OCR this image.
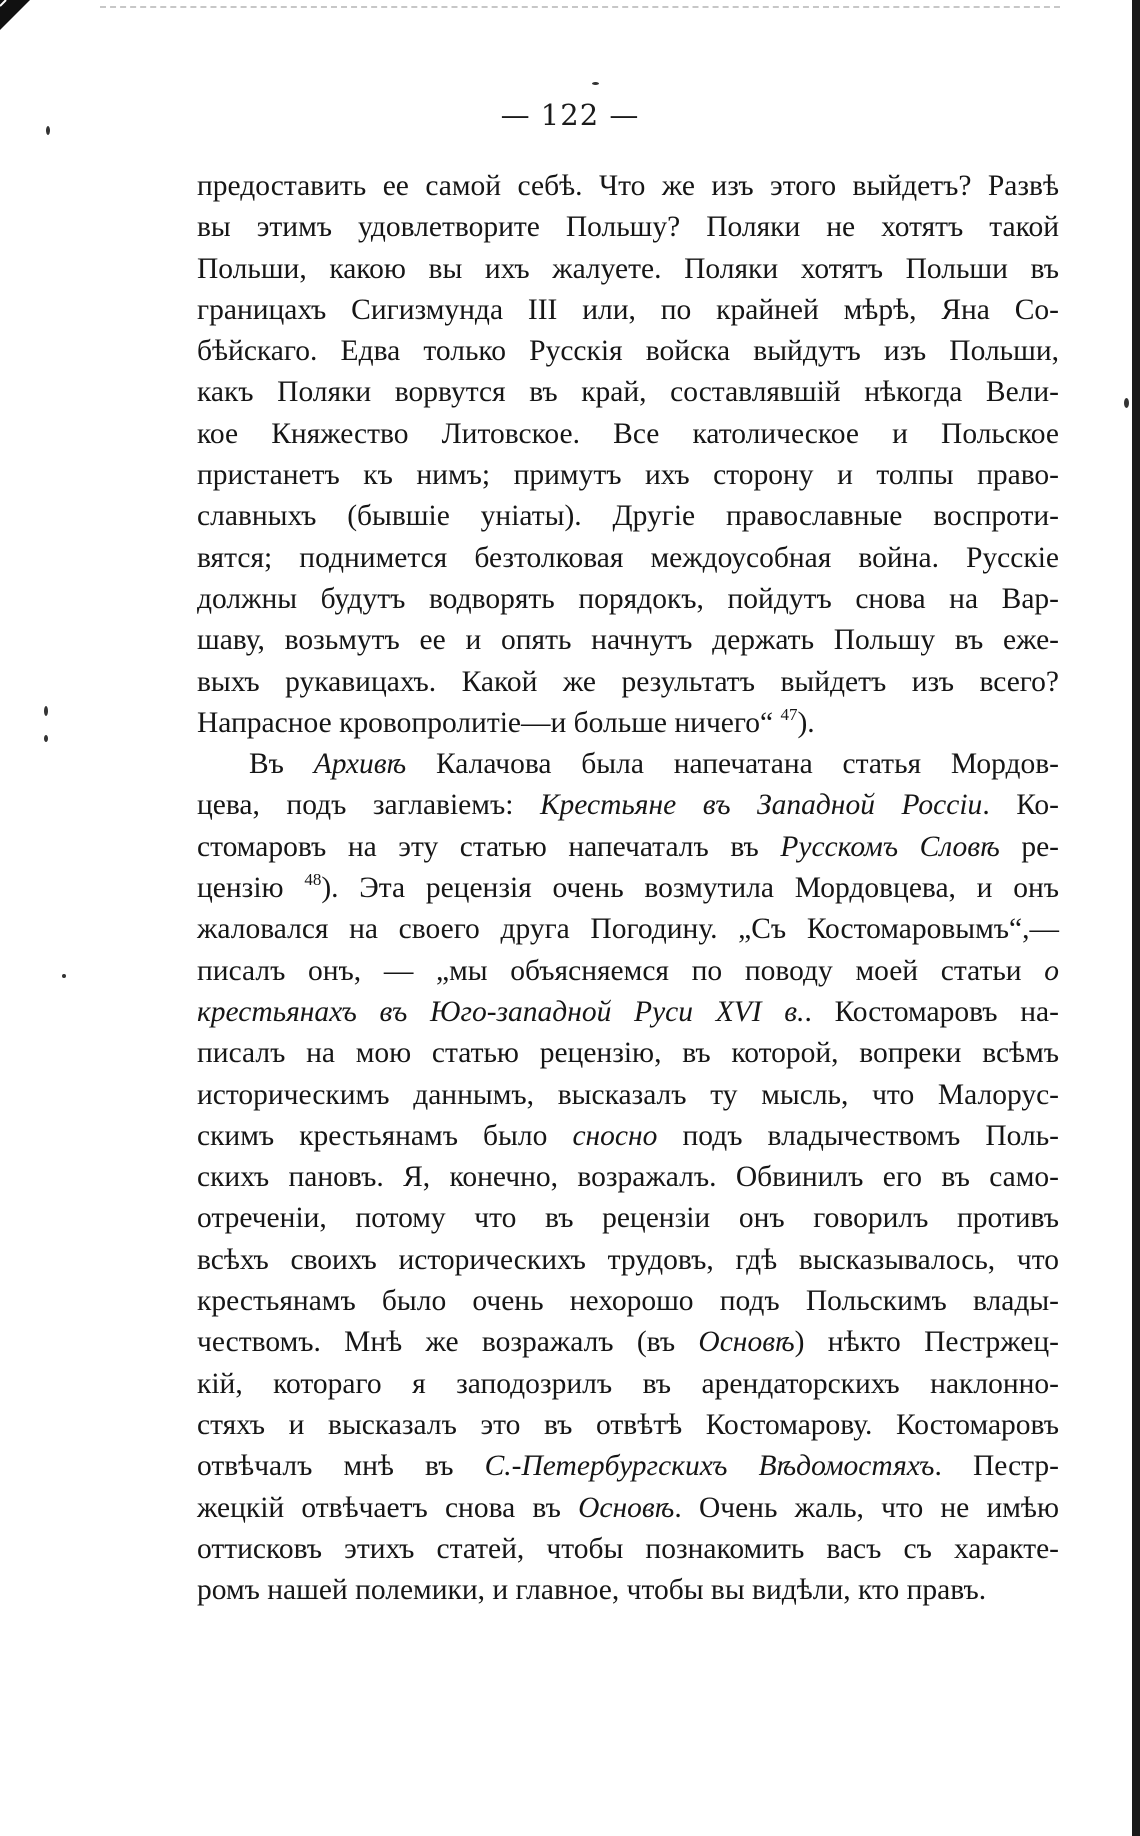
— 122 —

предоставить ее самой себѣ. Что же изъ этого выйдетъ? Развѣ
вы этимъ удовлетворите Польшу? Поляки не хотятъ такой
Польши, какою вы ихъ жалуете. Поляки хотятъ Польши въ
границахъ Сигизмунда III или, по крайней мѣрѣ, Яна Со-
бѣйскаго. Едва только Русскія войска выйдутъ изъ Польши,
какъ Поляки ворвутся въ край, составлявшій нѣкогда Вели-
кое Княжество Литовское. Все католическое и Польское
пристанетъ къ нимъ; примутъ ихъ сторону и толпы право-
славныхъ (бывшіе уніаты). Другіе православные воспроти-
вятся; поднимется безтолковая междоусобная война. Русскіе
должны будутъ водворять порядокъ, пойдутъ снова на Вар-
шаву, возьмутъ ее и опять начнутъ держать Польшу въ еже-
выхъ рукавицахъ. Какой же результатъ выйдетъ изъ всего?
Напрасное кровопролитіе—и больше ничего“ $^{47}$).

Въ Архивѣ Калачова была напечатана статья Мордов-
цева, подъ заглавіемъ: Крестьяне въ Западной Россіи. Ко-
стомаровъ на эту статью напечаталъ въ Русскомъ Словѣ ре-
цензію $^{48}$). Эта рецензія очень возмутила Мордовцева, и онъ
жаловался на своего друга Погодину. „Съ Костомаровымъ“,—
писалъ онъ, — „мы объясняемся по поводу моей статьи о
крестьянахъ въ Юго-западной Руси XVI в.. Костомаровъ на-
писалъ на мою статью рецензію, въ которой, вопреки всѣмъ
историческимъ даннымъ, высказалъ ту мысль, что Малорус-
скимъ крестьянамъ было сносно подъ владычествомъ Поль-
скихъ пановъ. Я, конечно, возражалъ. Обвинилъ его въ само-
отреченіи, потому что въ рецензіи онъ говорилъ противъ
всѣхъ своихъ историческихъ трудовъ, гдѣ высказывалось, что
крестьянамъ было очень нехорошо подъ Польскимъ влады-
чествомъ. Мнѣ же возражалъ (въ Основѣ) нѣкто Пестржец-
кій, котораго я заподозрилъ въ арендаторскихъ наклонно-
стяхъ и высказалъ это въ отвѣтѣ Костомарову. Костомаровъ
отвѣчалъ мнѣ въ С.-Петербургскихъ Вѣдомостяхъ. Пестр-
жецкій отвѣчаетъ снова въ Основѣ. Очень жаль, что не имѣю
оттисковъ этихъ статей, чтобы познакомить васъ съ характе-
ромъ нашей полемики, и главное, чтобы вы видѣли, кто правъ.
